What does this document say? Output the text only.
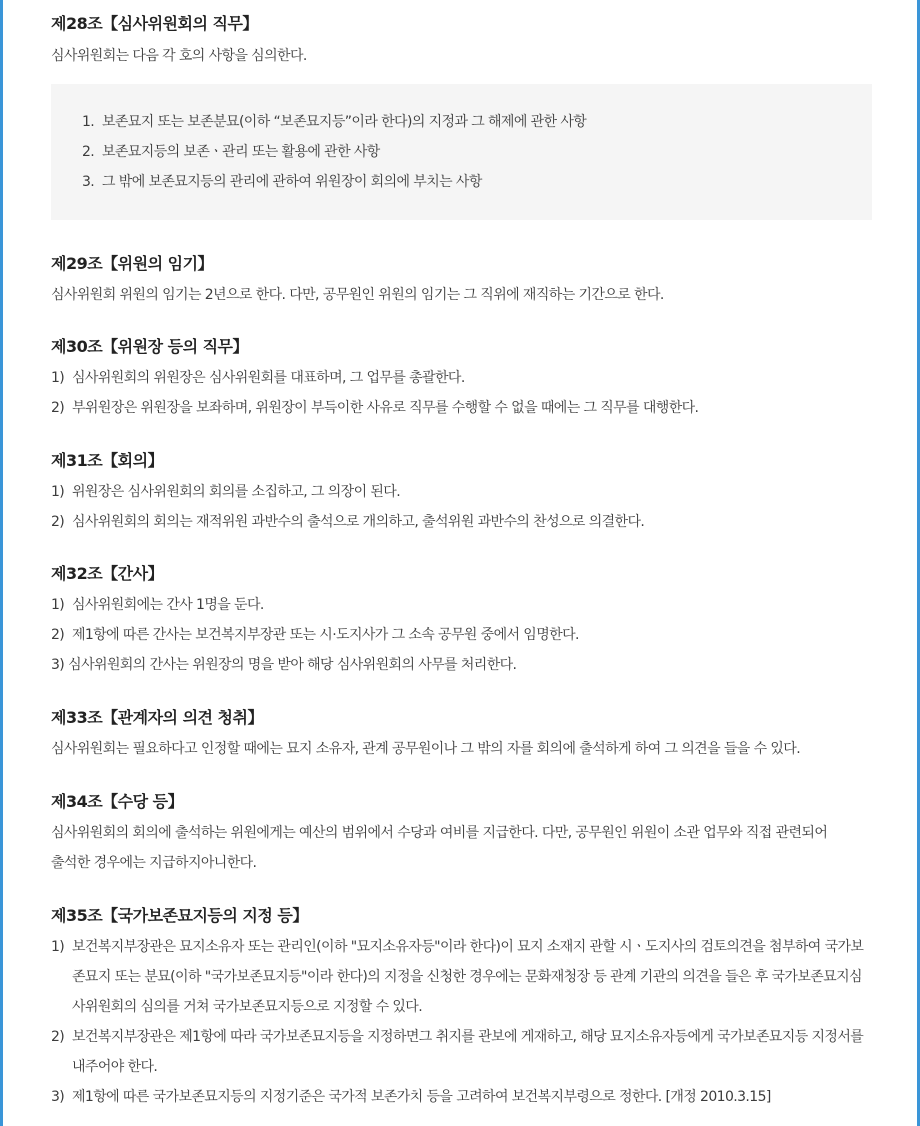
제28조【심사위원회의 직무】

심사위원회는 다음 각 호의 사항을 심의한다.

1. 보존묘지 또는 보존분묘(이하 “보존묘지등”이라 한다)의 지정과 그 해제에 관한 사항
2. 보존묘지등의 보존ㆍ관리 또는 활용에 관한 사항
3. 그 밖에 보존묘지등의 관리에 관하여 위원장이 회의에 부치는 사항
제29조【위원의 임기】

심사위원회 위원의 임기는 2년으로 한다. 다만, 공무원인 위원의 임기는 그 직위에 재직하는 기간으로 한다.

제30조【위원장 등의 직무】
1) 심사위원회의 위원장은 심사위원회를 대표하며, 그 업무를 총괄한다.
2) 부위원장은 위원장을 보좌하며, 위원장이 부득이한 사유로 직무를 수행할 수 없을 때에는 그 직무를 대행한다.
제31조【회의】
1) 위원장은 심사위원회의 회의를 소집하고, 그 의장이 된다.
2) 심사위원회의 회의는 재적위원 과반수의 출석으로 개의하고, 출석위원 과반수의 찬성으로 의결한다.
제32조【간사】
1) 심사위원회에는 간사 1명을 둔다.
2) 제1항에 따른 간사는 보건복지부장관 또는 시·도지사가 그 소속 공무원 중에서 임명한다.
3) 심사위원회의 간사는 위원장의 명을 받아 해당 심사위원회의 사무를 처리한다.
제33조【관계자의 의견 청취】

심사위원회는 필요하다고 인정할 때에는 묘지 소유자, 관계 공무원이나 그 밖의 자를 회의에 출석하게 하여 그 의견을 들을 수 있다.

제34조【수당 등】

심사위원회의 회의에 출석하는 위원에게는 예산의 범위에서 수당과 여비를 지급한다. 다만, 공무원인 위원이 소관 업무와 직접 관련되어 출석한 경우에는 지급하지아니한다.

제35조【국가보존묘지등의 지정 등】
1) 보건복지부장관은 묘지소유자 또는 관리인(이하 "묘지소유자등"이라 한다)이 묘지 소재지 관할 시ㆍ도지사의 검토의견을 첨부하여 국가보존묘지 또는 분묘(이하 "국가보존묘지등"이라 한다)의 지정을 신청한 경우에는 문화재청장 등 관계 기관의 의견을 들은 후 국가보존묘지심사위원회의 심의를 거쳐 국가보존묘지등으로 지정할 수 있다.
2) 보건복지부장관은 제1항에 따라 국가보존묘지등을 지정하면그 취지를 관보에 게재하고, 해당 묘지소유자등에게 국가보존묘지등 지정서를 내주어야 한다.
3) 제1항에 따른 국가보존묘지등의 지정기준은 국가적 보존가치 등을 고려하여 보건복지부령으로 정한다. [개정 2010.3.15]
